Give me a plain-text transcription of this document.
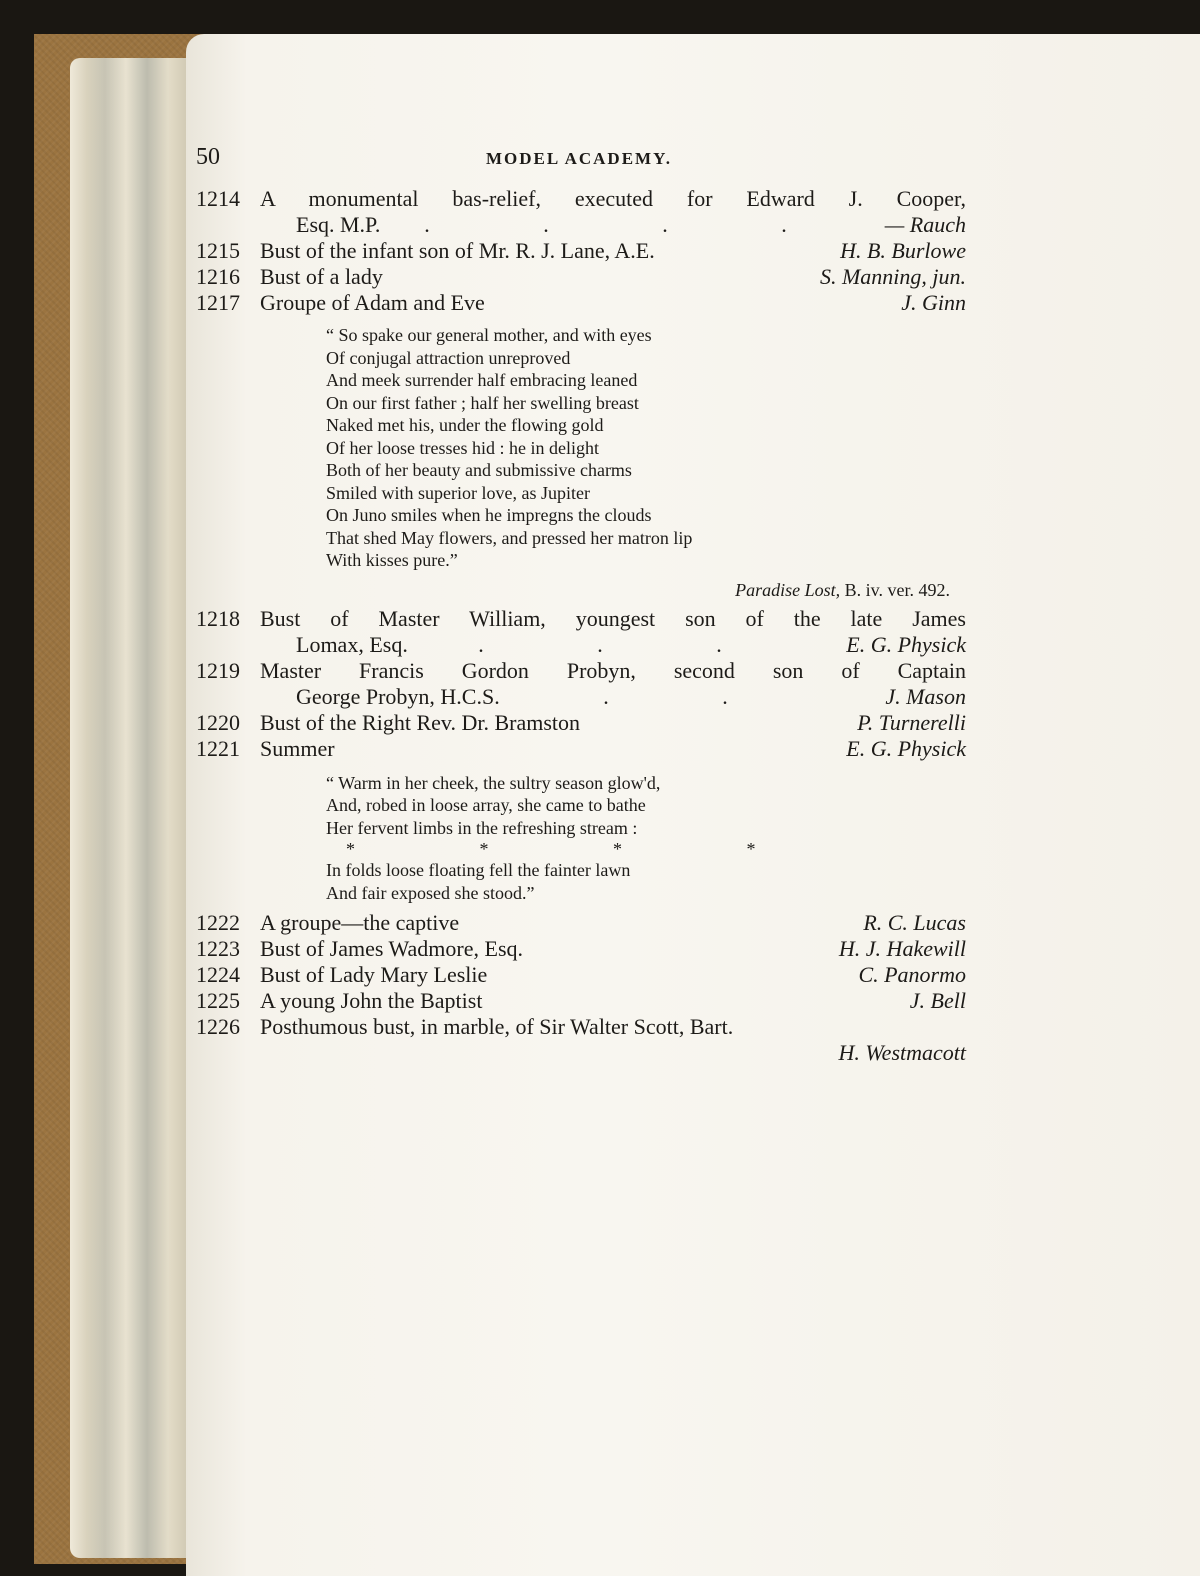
50	MODEL ACADEMY.
1214 A monumental bas-relief, executed for Edward J. Cooper,
Esq. M.P.	. . . .	— Rauch
1215 Bust of the infant son of Mr. R. J. Lane, A.E.	H. B. Burlowe
1216 Bust of a lady	S. Manning, jun.
1217 Groupe of Adam and Eve	J. Ginn
“ So spake our general mother, and with eyes
Of conjugal attraction unreproved
And meek surrender half embracing leaned
On our first father ; half her swelling breast
Naked met his, under the flowing gold
Of her loose tresses hid : he in delight
Both of her beauty and submissive charms
Smiled with superior love, as Jupiter
On Juno smiles when he impregns the clouds
That shed May flowers, and pressed her matron lip
With kisses pure.”
Paradise Lost, B. iv. ver. 492.
1218 Bust of Master William, youngest son of the late James
Lomax, Esq.	. . .	E. G. Physick
1219 Master Francis Gordon Probyn, second son of Captain
George Probyn, H.C.S.	. .	J. Mason
1220 Bust of the Right Rev. Dr. Bramston	P. Turnerelli
1221 Summer	E. G. Physick
“ Warm in her cheek, the sultry season glow'd,
And, robed in loose array, she came to bathe
Her fervent limbs in the refreshing stream :
* * * *
In folds loose floating fell the fainter lawn
And fair exposed she stood.”
1222 A groupe—the captive	R. C. Lucas
1223 Bust of James Wadmore, Esq.	H. J. Hakewill
1224 Bust of Lady Mary Leslie	C. Panormo
1225 A young John the Baptist	J. Bell
1226 Posthumous bust, in marble, of Sir Walter Scott, Bart.
H. Westmacott
